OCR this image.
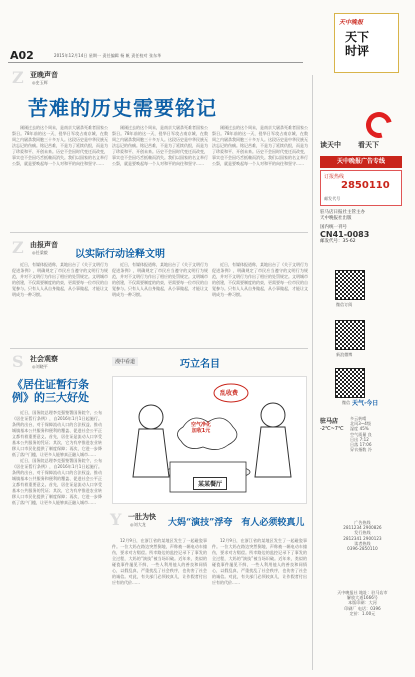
A02	2015年12月14日 星期一 责任编辑 杨 帆 责任校对 张东华
天中晚报
天下
时评
Z 亚晚声音
◎史玉辉
苦难的历史需要铭记

刚刚过去的这个周末，是南京大屠杀死难者国家公祭日。78年前的这一天，侵华日军攻占南京城，在数周之内屠杀我同胞三十多万人。这段历史是中华民族无法忘记的伤痛。铭记苦难，不是为了延续仇恨，而是为了珍爱和平、开创未来。历史不会因时代变迁而改变，事实也不会因巧舌抵赖而消失。我们以国家的名义举行公祭，就是要唤起每一个人对和平的向往和坚守……

刚刚过去的这个周末，是南京大屠杀死难者国家公祭日。78年前的这一天，侵华日军攻占南京城，在数周之内屠杀我同胞三十多万人。这段历史是中华民族无法忘记的伤痛。铭记苦难，不是为了延续仇恨，而是为了珍爱和平、开创未来。历史不会因时代变迁而改变，事实也不会因巧舌抵赖而消失。我们以国家的名义举行公祭，就是要唤起每一个人对和平的向往和坚守……

刚刚过去的这个周末，是南京大屠杀死难者国家公祭日。78年前的这一天，侵华日军攻占南京城，在数周之内屠杀我同胞三十多万人。这段历史是中华民族无法忘记的伤痛。铭记苦难，不是为了延续仇恨，而是为了珍爱和平、开创未来。历史不会因时代变迁而改变，事实也不会因巧舌抵赖而消失。我们以国家的名义举行公祭，就是要唤起每一个人对和平的向往和坚守……

Z 由报声音
◎任梁毅	以实际行动诠释文明

近日，有媒体报道称，某地出台了《关于文明行为促进条例》，明确规定了市民应当遵守的文明行为规范，并对不文明行为作出了相应的处罚规定。文明城市的创建，不仅需要制度的约束，更需要每一位市民的自觉参与。只有人人从自身做起，从小事做起，才能让文明成为一种习惯。

近日，有媒体报道称，某地出台了《关于文明行为促进条例》，明确规定了市民应当遵守的文明行为规范，并对不文明行为作出了相应的处罚规定。文明城市的创建，不仅需要制度的约束，更需要每一位市民的自觉参与。只有人人从自身做起，从小事做起，才能让文明成为一种习惯。

近日，有媒体报道称，某地出台了《关于文明行为促进条例》，明确规定了市民应当遵守的文明行为规范，并对不文明行为作出了相应的处罚规定。文明城市的创建，不仅需要制度的约束，更需要每一位市民的自觉参与。只有人人从自身做起，从小事做起，才能让文明成为一种习惯。

S 社会观察
◎刘晓平
《居住证暂行条例》的三大好处

近日，国务院总理李克强签署国务院令，公布《居住证暂行条例》，自2016年1月1日起施行。条例的出台，对于保障流动人口的合法权益、推动城镇基本公共服务和便利的覆盖、促进社会公平正义都有着重要意义。首先，居住证是流动人口享受基本公共服务的凭证；其次，它为有序推进农业转移人口市民化提供了制度保障；再次，它进一步降低了落户门槛，让更多人能够真正融入城市……

近日，国务院总理李克强签署国务院令，公布《居住证暂行条例》，自2016年1月1日起施行。条例的出台，对于保障流动人口的合法权益、推动城镇基本公共服务和便利的覆盖、促进社会公平正义都有着重要意义。首先，居住证是流动人口享受基本公共服务的凭证；其次，它为有序推进农业转移人口市民化提供了制度保障；再次，它进一步降低了落户门槛，让更多人能够真正融入城市……

漫中看道	巧立名目
乱收费
空气净化
加收1元
某某餐厅
Y 一肚为快
◎刘大龙 大妈“演技”浮夸　有人必须较真儿

12月9日，在浙江省的某地区发生了一起碰瓷事件。一位大妈在路边突然倒地，声称被一辆电动车撞伤，要求对方赔偿。所幸路边的监控记录下了事发的全过程，大妈的“演技”被当场识破。近年来，类似的碰瓷事件屡见不鲜，一些人利用他人的善良和同情心，以假乱真，严重扰乱了社会秩序，也伤害了社会的诚信。对此，有关部门必须较真儿，让作假者付出应有的代价……

12月9日，在浙江省的某地区发生了一起碰瓷事件。一位大妈在路边突然倒地，声称被一辆电动车撞伤，要求对方赔偿。所幸路边的监控记录下了事发的全过程，大妈的“演技”被当场识破。近年来，类似的碰瓷事件屡见不鲜，一些人利用他人的善良和同情心，以假乱真，严重扰乱了社会秩序，也伤害了社会的诚信。对此，有关部门必须较真儿，让作假者付出应有的代价……

读天中 看天下
天中晚报广告专线
订报热线
2850110
邮发代号
驻马店日报社主管主办
天中晚报社出版
国内统一刊号
CN41-0083
邮发代号：35-62
微信订阅
新浪微博
微信 天气·今日
驻马店
-2℃~7℃
多云转晴
北风3~4级
湿度 45%
空气质量 良
日出 7:12
日落 17:06
穿衣指数 冷
广告热线
2811234 2900826
发行热线
2812341 2900123
读者热线
0396-2850110
天中晚报社 地址：驻马店市
解放大道1666号
本版印刷：大河
印刷厂 电话：0396
定价：1.00元
